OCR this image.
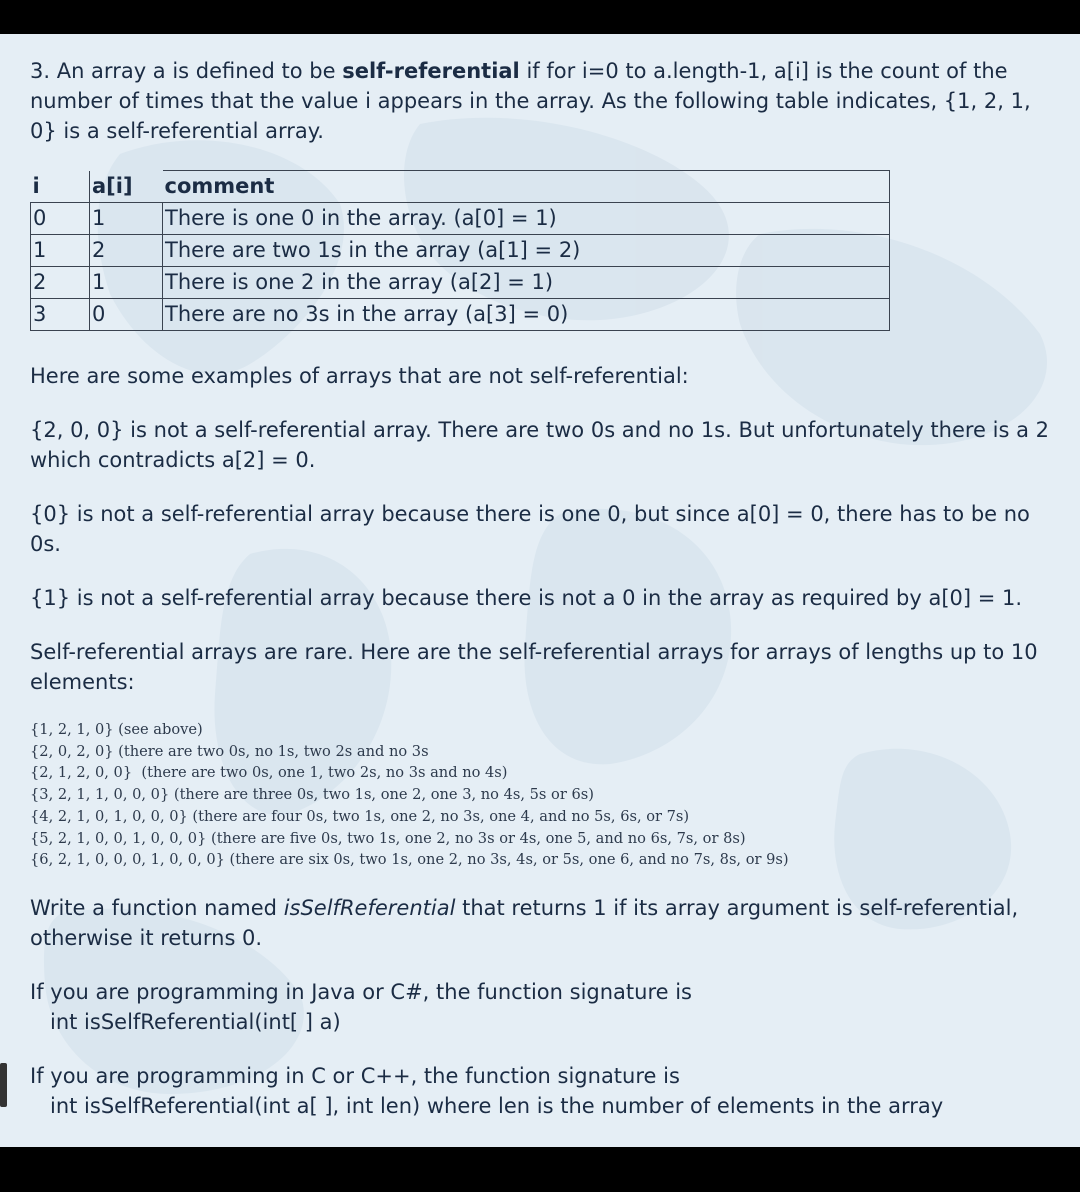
3. An array a is defined to be self-referential if for i=0 to a.length-1, a[i] is the count of the number of times that the value i appears in the array. As the following table indicates, {1, 2, 1, 0} is a self-referential array.

i	a[i]	comment
0	1	There is one 0 in the array. (a[0] = 1)
1	2	There are two 1s in the array (a[1] = 2)
2	1	There is one 2 in the array (a[2] = 1)
3	0	There are no 3s in the array (a[3] = 0)

Here are some examples of arrays that are not self-referential:

{2, 0, 0} is not a self-referential array. There are two 0s and no 1s. But unfortunately there is a 2 which contradicts a[2] = 0.

{0} is not a self-referential array because there is one 0, but since a[0] = 0, there has to be no 0s.

{1} is not a self-referential array because there is not a 0 in the array as required by a[0] = 1.

Self-referential arrays are rare. Here are the self-referential arrays for arrays of lengths up to 10 elements:

{1, 2, 1, 0} (see above)
{2, 0, 2, 0} (there are two 0s, no 1s, two 2s and no 3s
{2, 1, 2, 0, 0}  (there are two 0s, one 1, two 2s, no 3s and no 4s)
{3, 2, 1, 1, 0, 0, 0} (there are three 0s, two 1s, one 2, one 3, no 4s, 5s or 6s)
{4, 2, 1, 0, 1, 0, 0, 0} (there are four 0s, two 1s, one 2, no 3s, one 4, and no 5s, 6s, or 7s)
{5, 2, 1, 0, 0, 1, 0, 0, 0} (there are five 0s, two 1s, one 2, no 3s or 4s, one 5, and no 6s, 7s, or 8s)
{6, 2, 1, 0, 0, 0, 1, 0, 0, 0} (there are six 0s, two 1s, one 2, no 3s, 4s, or 5s, one 6, and no 7s, 8s, or 9s)

Write a function named isSelfReferential that returns 1 if its array argument is self-referential, otherwise it returns 0.

If you are programming in Java or C#, the function signature is

int isSelfReferential(int[ ] a)

If you are programming in C or C++, the function signature is

int isSelfReferential(int a[ ], int len) where len is the number of elements in the array
